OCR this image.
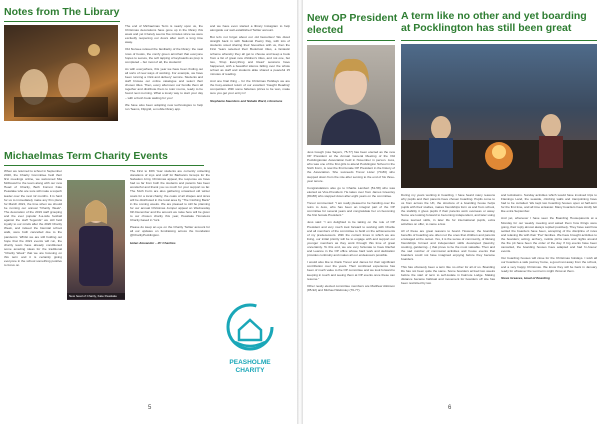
Notes from The Library

The end of Michaelmas Term is nearly upon us, the Christmas decorations have gone up in the library this week and yet it barely seems five minutes since we were excitedly reopening our doors after such a long time away.

Old Norwee relaxed the familiarity of the library: the neat rows of books, the comfy green armchair that everyone hopes to secure, the soft tapping of keyboards as prep is completed – but most of all, the students!

As with everywhere, this year we have been finding out all sorts of new ways of working. For example, we have been running a 'click and delivery' service. Students and staff browse our online catalogue and select their chosen titles. Then, every afternoon our bundle them all together and distribute them to tutor rooms, ready to be found next morning. What a lovely way to start your day – with a fresh book waiting for you!

We have also been adopting new technologies to help run Teams, Flipgrid, a mobile library app.

and we have even started a library Instagram to help alongside our well-established Twitter account.

But let's not forget about our old favourites! We dived straight back in with National Poetry Day, with lots of students voted sharing their favourites with us, then the First Years selected their Booktrust titles, a fantastic scheme whereby they all get to choose and keep a book from a list of great new children's titles, and not one, but two, 'Drop Everything and Read' sessions have happened, with a beautiful silence falling over the whole school as staff and students alike shared a peaceful 15 minutes of reading.

And one final thing – for the Christmas Holidays we are the busy-wasted return of our excellent 'Caught Reading' competition. With some fabulous prizes to be won, make sure you get your entry in!

Stephanie Saunders and Natalie Ward, Librarians

Michaelmas Term Charity Events

When we returned to school in September 2020, the Charity Committee held their first meetings online, we welcomed Mia McDowell to the team along with our new Head of Charity, Beth Forrest Kate Peaslake who are sure will make a superb leader over the next 12 months. It is hard for us to immediately make any firm plans for March 2021, the time when we should be running our annual "Charity Week". The decoration of the 2019 staff grouping and the ever popular 3-a-side football against the staff "legends" we still held loyally to our minds after the 2020 Charity Week, and indeed the biennial school walk, were both cancelled due to the pandemic. Whilst we are still holding out hope that the 2021 events will run, the charity team have already conditioned some amazing ideas for the traditional "Charity Week" that we are focusing on this term and it is certainly giving everyone in the school something positive to focus on.

New head of Charity, Kate Peaslake

The First to Fifth Year students are currently collecting donations of toys and stuff for Barbara's Groups for the Salvation Army Christmas appeal, the response we have had so far from both the students and parents has been wonderful and thank you so much for your support so far. The Sixth Form are also gathering unwanted old winter coats for a local charity, the coats of all shapes and sizes will be distributed in the local area by "The Clothing Bank" in the coming weeks. We are pleased to still be planning for our annual Christmas Jumper appeal on Wednesday 9th December and the amount we raise here will be given to our chosen charity this year, Peaslake Homeless Charity based in York.

Please do keep an eye on the Charity Twitter account for all our updates on fundraising across the foundation @CharityPocklington.

Helen Alexander – I/C Charities

PEASHOLME CHARITY
5
New OP President elected

Jess Gough (née Sayers, 75-77) has been elected as the new OP President at the Annual General Meeting of the Old Pocklingtonian Association held in November in person. Jess, who was one of the first girls to attend Pocklington School in the Sixth Form, is now the first female OP President in the history of the Association. She succeeds Trevor Lister (70-80) who stepped down from the role after serving to the end of his three-year tenure.

Congratulations also go to Charlie Lambert (51-58) who was elected as Vice-President. He takes over from James Greenley (80-88) who stepped down after eight years on the committee.

Trevor commented: "I am really pleased to be handing over the reins to Jess, who has been an integral part of the OP committee for several years and congratulate her on becoming the first female President."

Jess said: "I am delighted to be taking on the role of OP President and very much look forward to working with Charlie and all members of the committee to build on the achievements of my predecessors. With the current times in which we are living, our initial priority will be to engage with and support our younger members as they work through this time of great uncertainty. To this end, we are very fortunate to have Rachel and Leanne in the OP office whose hard work and dedication provides continuity and makes all our endeavours possible.

I would also like to thank Trevor and James for their significant contribution over the years. Their combined experience has been of much value to the OP committee and we look forward to keeping in touch and seeing them at OP events once these can resume."

Other newly elected committee members are Matthew Atkinson (85-92) and Michael Walmsley (76-77).

A term like no other and yet boarding at Pocklington has still been great

During my years working in boarding, I have heard many reasons why pupils and their parents have chosen boarding. Pupils come to us from across the UK, the structure of a boarding house helps pupils with their studies, makes friendships form us and from school, the stability it gives pupils if their parents work overseas or away. Some are looking forward to becoming independent, and later using these learned skills, in later life for international pupils, extra activities on offer, to name a few.

All of these are great reasons to board. However, the boarding benefits of boarding are often not the ones that children and parents envisaged at the outset. Yes, it is the sense of community, of lifelong friendships formed and independent skills developed (laundry, cooking, gardening...) that prove to be the most valuable. Then and the sad number of communal activities and house events that boarders could not have imagined enjoying before they became boarders.

This has obviously been a term like no other for all of us. Boarding life has not been quite the same. Some boarders arrived two weeks before the start of term to self-isolate in Faircote Lodge. Making distance became habitual and movement for boarders off site has been restricted by two

and lockdowns. Sunday activities which would have involved trips to Flamingo Land, the seaside, climbing walls and trampolining have had to be curtailed. We kept two boarding houses open at half-term for the first time, and all time at Easter. Many boarders have kindly felt like extra September.

And yet, whenever I have seen the Boarding Houseparents at a Monday for our weekly meeting and asked them how things were going, their reply almost always replied positively. They have said how settled the boarders have been, accepting of the discipline of rules and relaxing life with their 'Poc' families. We have brought activities to the boarders; acting, archery, mobile pizza vans and nights around the fire pit have been the order of the day. If big events have been cancelled, the boarding houses have adapted and had 'in-house' events.

Our boarding houses will close for the Christmas holidays. I wish all our boarders a safe journey home, a good rest away from the school, and a very happy Christmas. We know they will be back in January ready for whatever the Lent term might throw at them.

Steve Greaves, Head of Boarding

6
